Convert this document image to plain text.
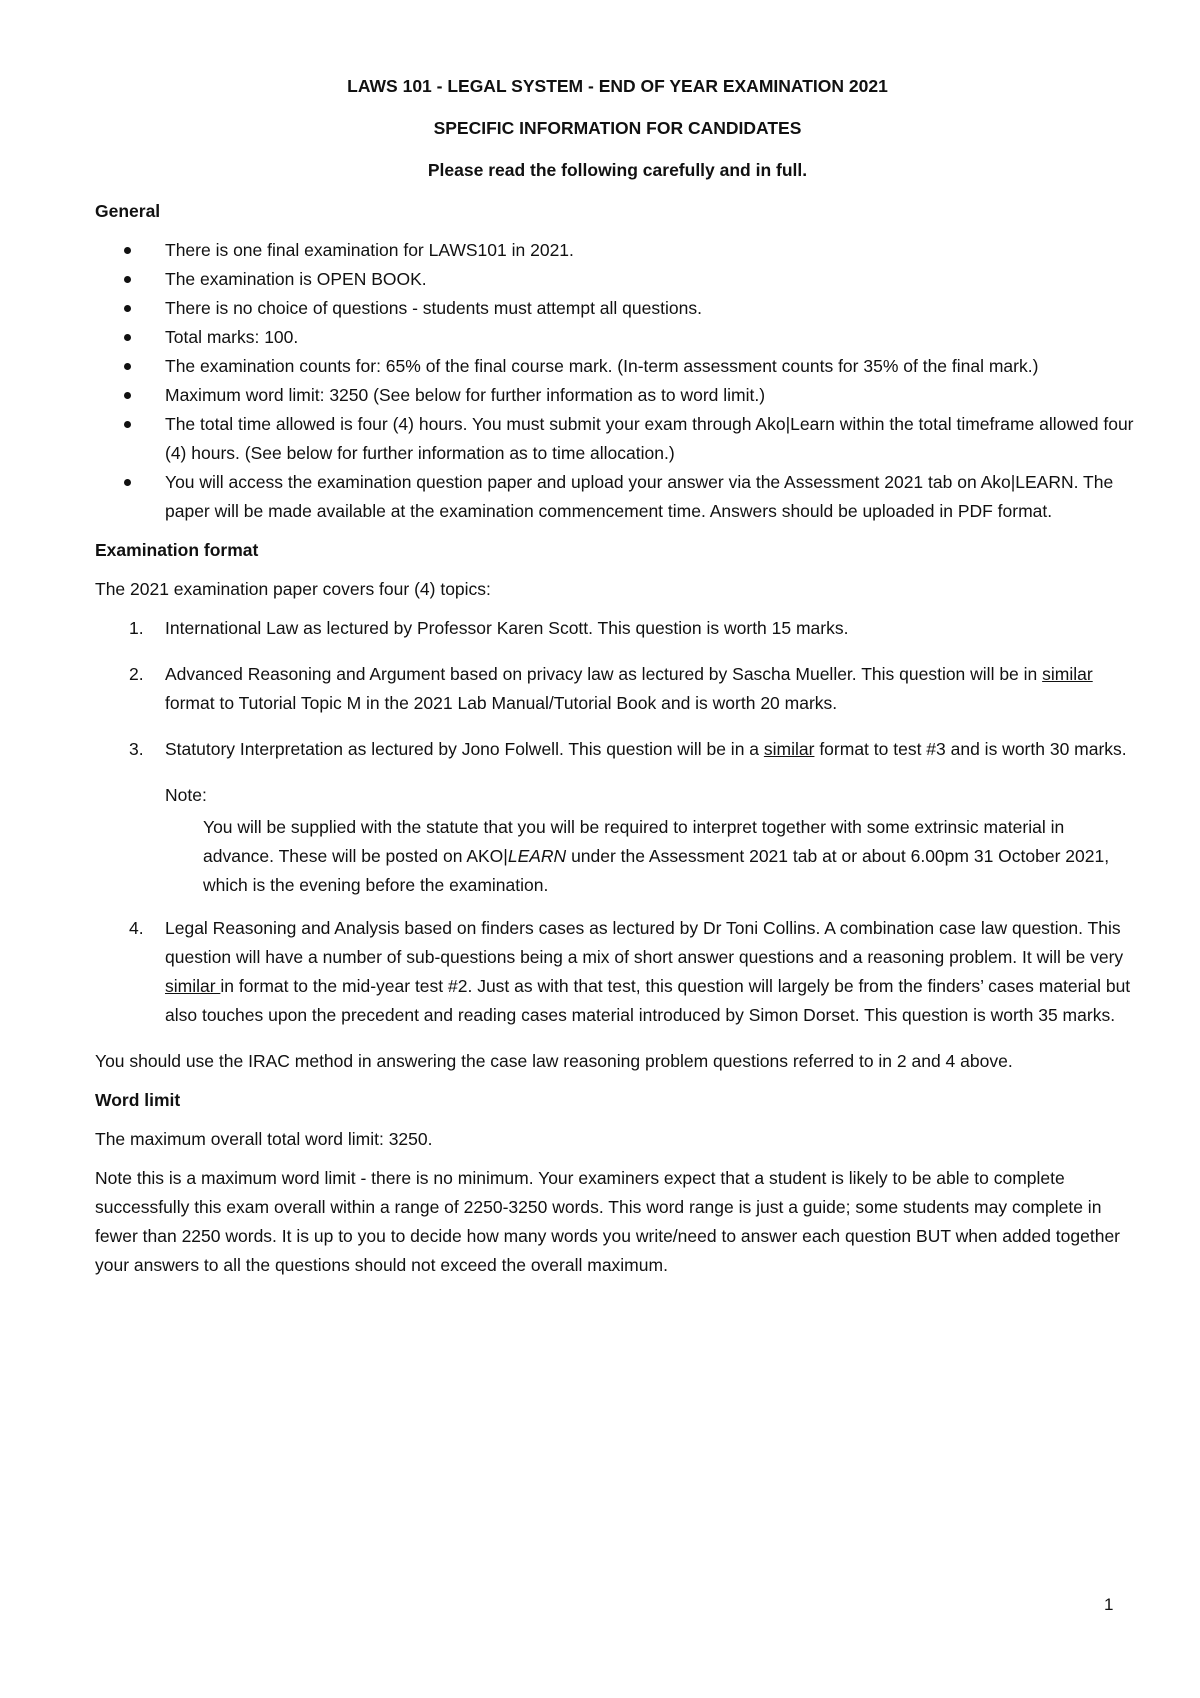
LAWS 101 - LEGAL SYSTEM - END OF YEAR EXAMINATION 2021
SPECIFIC INFORMATION FOR CANDIDATES
Please read the following carefully and in full.
General
There is one final examination for LAWS101 in 2021.
The examination is OPEN BOOK.
There is no choice of questions - students must attempt all questions.
Total marks: 100.
The examination counts for: 65% of the final course mark. (In-term assessment counts for 35% of the final mark.)
Maximum word limit: 3250 (See below for further information as to word limit.)
The total time allowed is four (4) hours. You must submit your exam through Ako|Learn within the total timeframe allowed four (4) hours. (See below for further information as to time allocation.)
You will access the examination question paper and upload your answer via the Assessment 2021 tab on Ako|LEARN. The paper will be made available at the examination commencement time. Answers should be uploaded in PDF format.
Examination format
The 2021 examination paper covers four (4) topics:
1. International Law as lectured by Professor Karen Scott. This question is worth 15 marks.
2. Advanced Reasoning and Argument based on privacy law as lectured by Sascha Mueller. This question will be in similar format to Tutorial Topic M in the 2021 Lab Manual/Tutorial Book and is worth 20 marks.
3. Statutory Interpretation as lectured by Jono Folwell. This question will be in a similar format to test #3 and is worth 30 marks.
Note:
You will be supplied with the statute that you will be required to interpret together with some extrinsic material in advance. These will be posted on AKO|LEARN under the Assessment 2021 tab at or about 6.00pm 31 October 2021, which is the evening before the examination.
4. Legal Reasoning and Analysis based on finders cases as lectured by Dr Toni Collins. A combination case law question. This question will have a number of sub-questions being a mix of short answer questions and a reasoning problem. It will be very similar in format to the mid-year test #2. Just as with that test, this question will largely be from the finders’ cases material but also touches upon the precedent and reading cases material introduced by Simon Dorset. This question is worth 35 marks.
You should use the IRAC method in answering the case law reasoning problem questions referred to in 2 and 4 above.
Word limit
The maximum overall total word limit: 3250.
Note this is a maximum word limit - there is no minimum. Your examiners expect that a student is likely to be able to complete successfully this exam overall within a range of 2250-3250 words. This word range is just a guide; some students may complete in fewer than 2250 words. It is up to you to decide how many words you write/need to answer each question BUT when added together your answers to all the questions should not exceed the overall maximum.
1
